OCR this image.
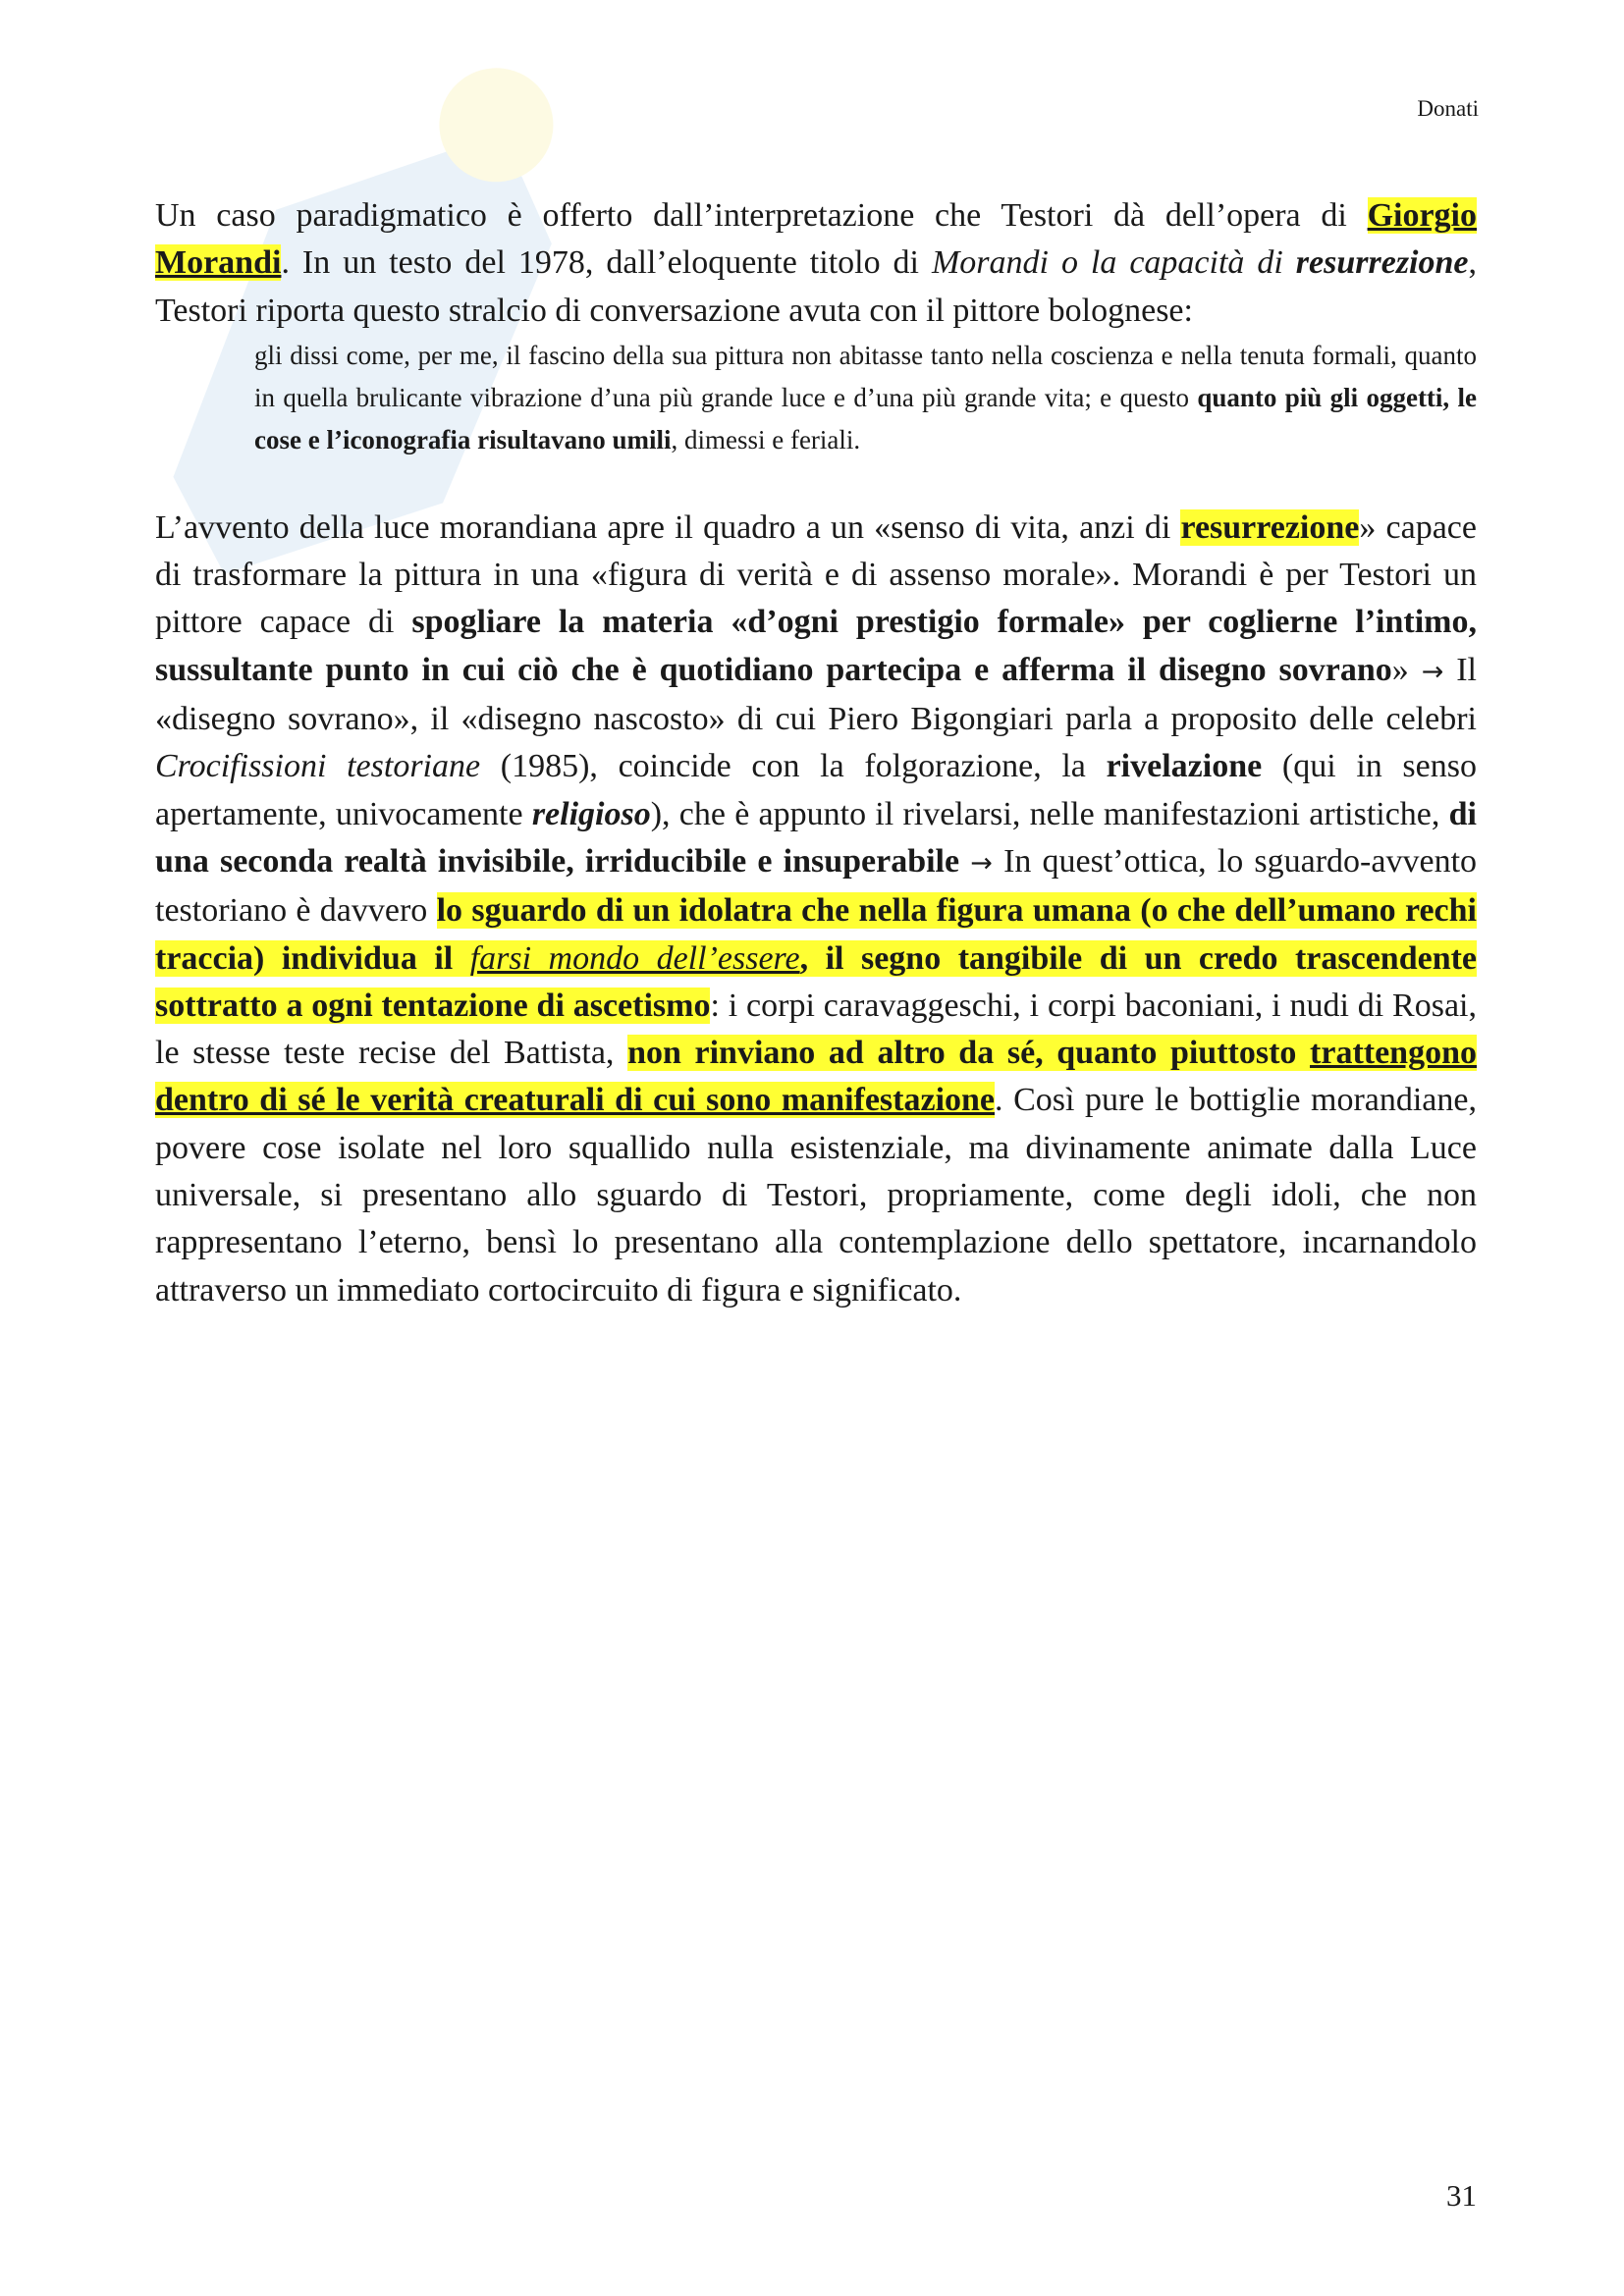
Donati

Un caso paradigmatico è offerto dall’interpretazione che Testori dà dell’opera di Giorgio Morandi. In un testo del 1978, dall’eloquente titolo di Morandi o la capacità di resurrezione, Testori riporta questo stralcio di conversazione avuta con il pittore bolognese:

gli dissi come, per me, il fascino della sua pittura non abitasse tanto nella coscienza e nella tenuta formali, quanto in quella brulicante vibrazione d’una più grande luce e d’una più grande vita; e questo quanto più gli oggetti, le cose e l’iconografia risultavano umili, dimessi e feriali.

L’avvento della luce morandiana apre il quadro a un «senso di vita, anzi di resurrezione» capace di trasformare la pittura in una «figura di verità e di assenso morale». Morandi è per Testori un pittore capace di spogliare la materia «d’ogni prestigio formale» per coglierne l’intimo, sussultante punto in cui ciò che è quotidiano partecipa e afferma il disegno sovrano» → Il «disegno sovrano», il «disegno nascosto» di cui Piero Bigongiari parla a proposito delle celebri Crocifissioni testoriane (1985), coincide con la folgorazione, la rivelazione (qui in senso apertamente, univocamente religioso), che è appunto il rivelarsi, nelle manifestazioni artistiche, di una seconda realtà invisibile, irriducibile e insuperabile → In quest’ottica, lo sguardo-avvento testoriano è davvero lo sguardo di un idolatra che nella figura umana (o che dell’umano rechi traccia) individua il farsi mondo dell’essere, il segno tangibile di un credo trascendente sottratto a ogni tentazione di ascetismo: i corpi caravaggeschi, i corpi baconiani, i nudi di Rosai, le stesse teste recise del Battista, non rinviano ad altro da sé, quanto piuttosto trattengono dentro di sé le verità creaturali di cui sono manifestazione. Così pure le bottiglie morandiane, povere cose isolate nel loro squallido nulla esistenziale, ma divinamente animate dalla Luce universale, si presentano allo sguardo di Testori, propriamente, come degli idoli, che non rappresentano l’eterno, bensì lo presentano alla contemplazione dello spettatore, incarnandolo attraverso un immediato cortocircuito di figura e significato.

31
